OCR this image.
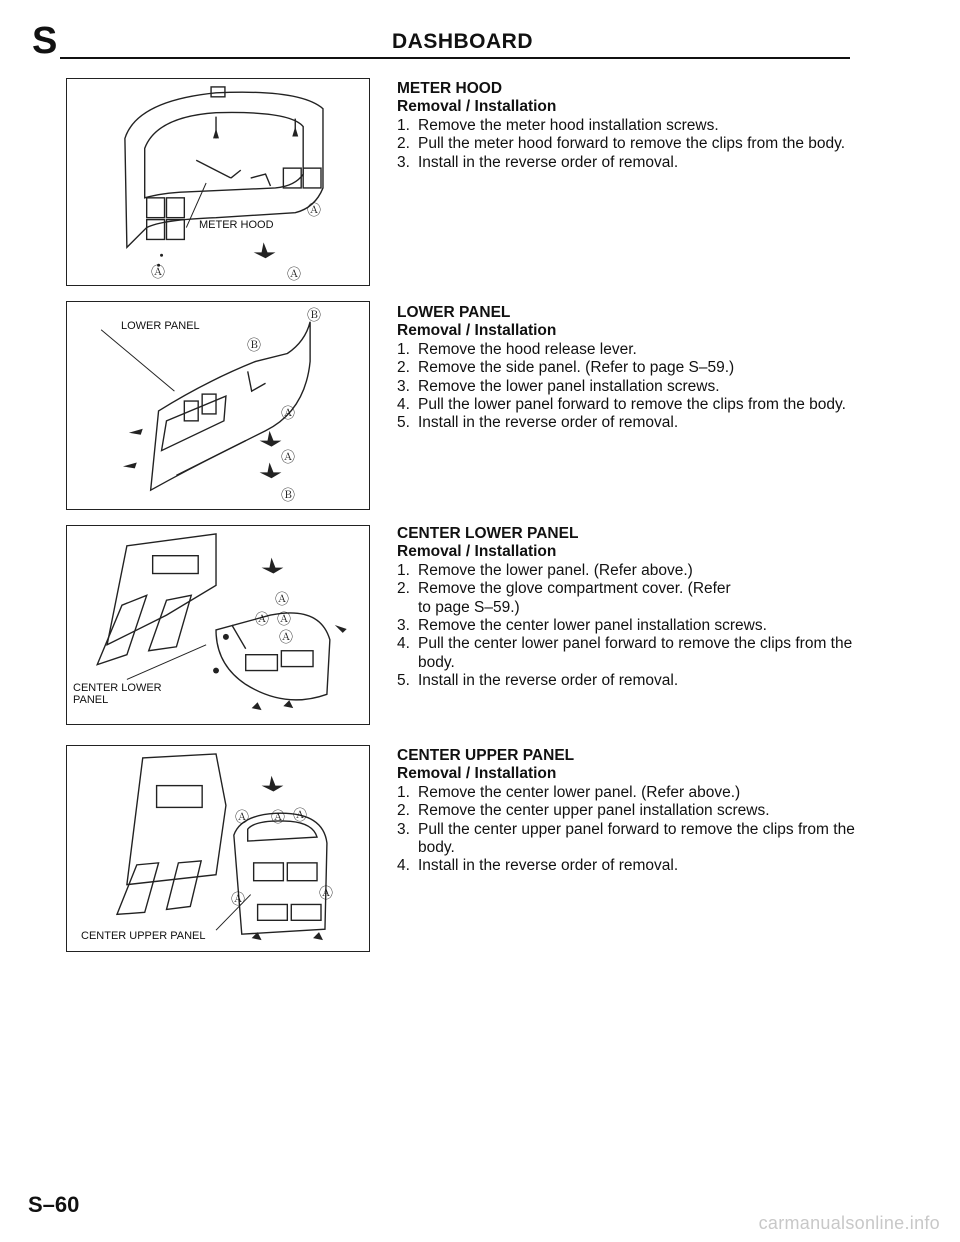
S	DASHBOARD
METER HOOD
Ⓐ
Ⓐ	Ⓐ
LOWER PANEL
Ⓑ
Ⓑ
Ⓐ
Ⓐ
Ⓑ
CENTER LOWER
PANEL
Ⓐ
Ⓐ Ⓐ
Ⓐ
CENTER UPPER PANEL
Ⓐ Ⓐ Ⓐ
Ⓐ	Ⓐ
METER HOOD
Removal / Installation
1. Remove the meter hood installation screws.
2. Pull the meter hood forward to remove the clips from the body.
3. Install in the reverse order of removal.
LOWER PANEL
Removal / Installation
1. Remove the hood release lever.
2. Remove the side panel. (Refer to page S–59.)
3. Remove the lower panel installation screws.
4. Pull the lower panel forward to remove the clips from the body.
5. Install in the reverse order of removal.
CENTER LOWER PANEL
Removal / Installation
1. Remove the lower panel. (Refer above.)
2. Remove the glove compartment cover. (Refer to page S–59.)
3. Remove the center lower panel installation screws.
4. Pull the center lower panel forward to remove the clips from the body.
5. Install in the reverse order of removal.
CENTER UPPER PANEL
Removal / Installation
1. Remove the center lower panel. (Refer above.)
2. Remove the center upper panel installation screws.
3. Pull the center upper panel forward to remove the clips from the body.
4. Install in the reverse order of removal.
S–60
carmanualsonline.info
